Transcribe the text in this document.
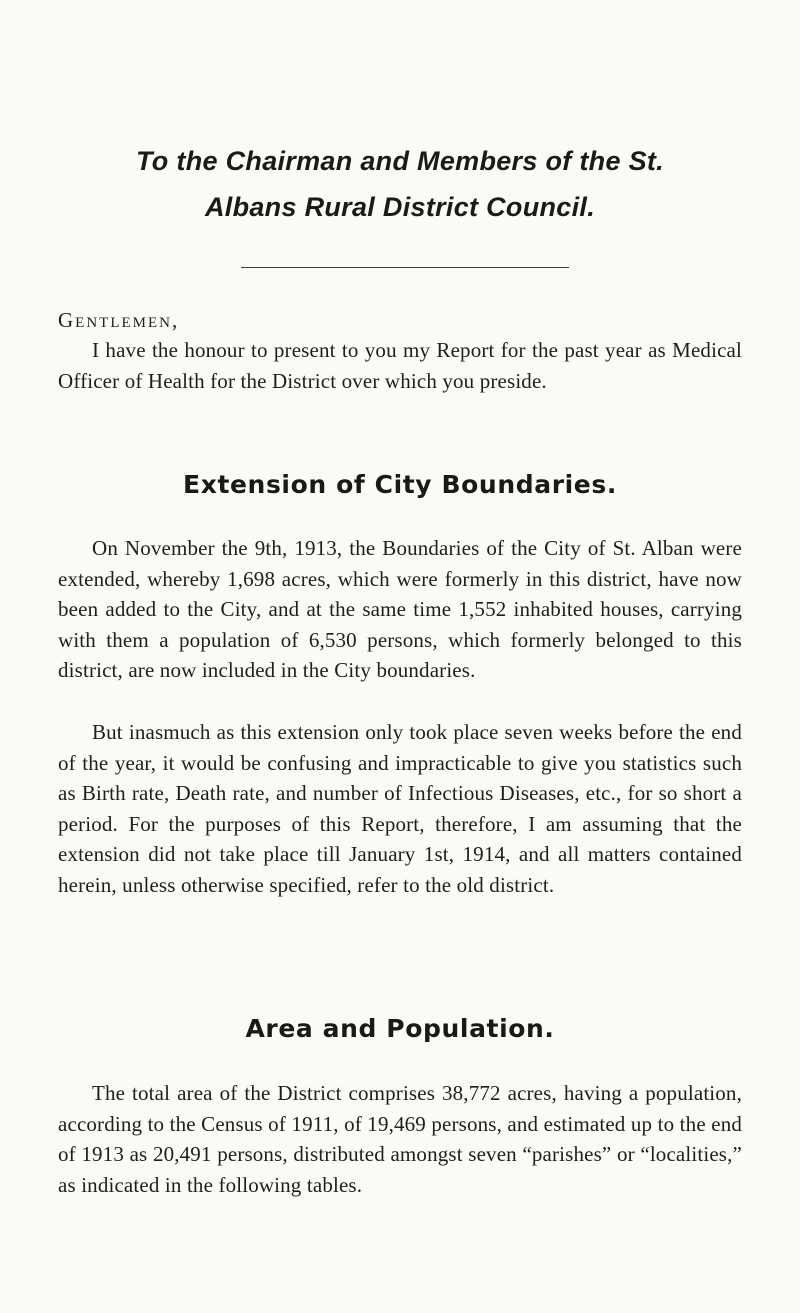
To the Chairman and Members of the St.
Albans Rural District Council.
Gentlemen,

I have the honour to present to you my Report for the past year as Medical Officer of Health for the District over which you preside.

Extension of City Boundaries.

On November the 9th, 1913, the Boundaries of the City of St. Alban were extended, whereby 1,698 acres, which were formerly in this district, have now been added to the City, and at the same time 1,552 inhabited houses, carrying with them a population of 6,530 persons, which formerly belonged to this district, are now included in the City boundaries.

But inasmuch as this extension only took place seven weeks before the end of the year, it would be confusing and impracticable to give you statistics such as Birth rate, Death rate, and number of Infectious Diseases, etc., for so short a period. For the purposes of this Report, therefore, I am assuming that the extension did not take place till January 1st, 1914, and all matters contained herein, unless otherwise specified, refer to the old district.

Area and Population.

The total area of the District comprises 38,772 acres, having a population, according to the Census of 1911, of 19,469 persons, and estimated up to the end of 1913 as 20,491 persons, distributed amongst seven “parishes” or “localities,” as indicated in the following tables.
